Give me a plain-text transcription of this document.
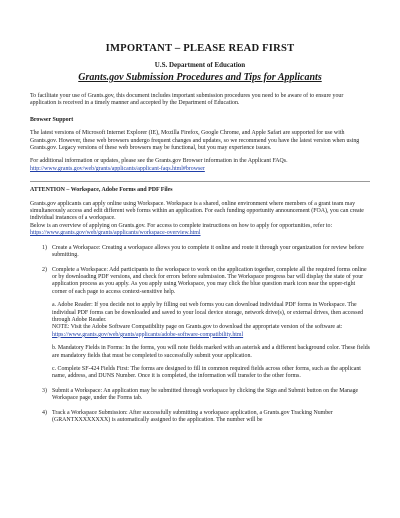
IMPORTANT – PLEASE READ FIRST
U.S. Department of Education
Grants.gov Submission Procedures and Tips for Applicants

To facilitate your use of Grants.gov, this document includes important submission procedures you need to be aware of to ensure your application is received in a timely manner and accepted by the Department of Education.

Browser Support

The latest versions of Microsoft Internet Explorer (IE), Mozilla Firefox, Google Chrome, and Apple Safari are supported for use with Grants.gov. However, these web browsers undergo frequent changes and updates, so we recommend you have the latest version when using Grants.gov. Legacy versions of these web browsers may be functional, but you may experience issues.

For additional information or updates, please see the Grants.gov Browser information in the Applicant FAQs.
http://www.grants.gov/web/grants/applicants/applicant-faqs.html#browser

ATTENTION – Workspace, Adobe Forms and PDF Files

Grants.gov applicants can apply online using Workspace. Workspace is a shared, online environment where members of a grant team may simultaneously access and edit different web forms within an application. For each funding opportunity announcement (FOA), you can create individual instances of a workspace.

Below is an overview of applying on Grants.gov. For access to complete instructions on how to apply for opportunities, refer to: https://www.grants.gov/web/grants/applicants/workspace-overview.html

1) Create a Workspace: Creating a workspace allows you to complete it online and route it through your organization for review before submitting.

2) Complete a Workspace: Add participants to the workspace to work on the application together, complete all the required forms online or by downloading PDF versions, and check for errors before submission. The Workspace progress bar will display the state of your application process as you apply. As you apply using Workspace, you may click the blue question mark icon near the upper-right corner of each page to access context-sensitive help.

a. Adobe Reader: If you decide not to apply by filling out web forms you can download individual PDF forms in Workspace. The individual PDF forms can be downloaded and saved to your local device storage, network drive(s), or external drives, then accessed through Adobe Reader.

NOTE: Visit the Adobe Software Compatibility page on Grants.gov to download the appropriate version of the software at: https://www.grants.gov/web/grants/applicants/adobe-software-compatibility.html

b. Mandatory Fields in Forms: In the forms, you will note fields marked with an asterisk and a different background color. These fields are mandatory fields that must be completed to successfully submit your application.

c. Complete SF-424 Fields First: The forms are designed to fill in common required fields across other forms, such as the applicant name, address, and DUNS Number. Once it is completed, the information will transfer to the other forms.

3) Submit a Workspace: An application may be submitted through workspace by clicking the Sign and Submit button on the Manage Workspace page, under the Forms tab.

4) Track a Workspace Submission: After successfully submitting a workspace application, a Grants.gov Tracking Number (GRANTXXXXXXXX) is automatically assigned to the application. The number will be
